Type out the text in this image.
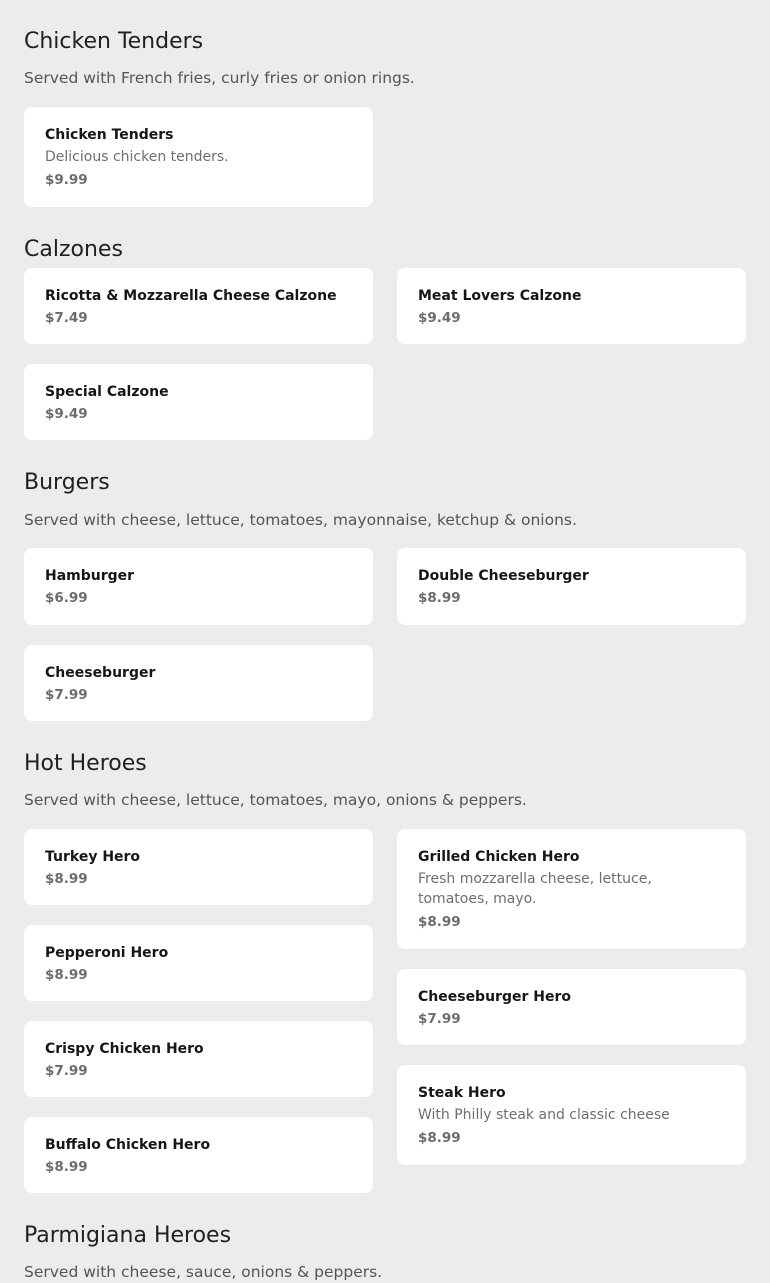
Chicken Tenders

Served with French fries, curly fries or onion rings.

Chicken Tenders
Delicious chicken tenders.
$9.99
Calzones
Ricotta & Mozzarella Cheese Calzone
$7.49
Meat Lovers Calzone
$9.49
Special Calzone
$9.49
Burgers

Served with cheese, lettuce, tomatoes, mayonnaise, ketchup & onions.

Hamburger
$6.99
Double Cheeseburger
$8.99
Cheeseburger
$7.99
Hot Heroes

Served with cheese, lettuce, tomatoes, mayo, onions & peppers.

Turkey Hero
$8.99
Grilled Chicken Hero
Fresh mozzarella cheese, lettuce, tomatoes, mayo.
$8.99
Pepperoni Hero
$8.99
Cheeseburger Hero
$7.99
Crispy Chicken Hero
$7.99
Steak Hero
With Philly steak and classic cheese
$8.99
Buffalo Chicken Hero
$8.99
Parmigiana Heroes

Served with cheese, sauce, onions & peppers.
